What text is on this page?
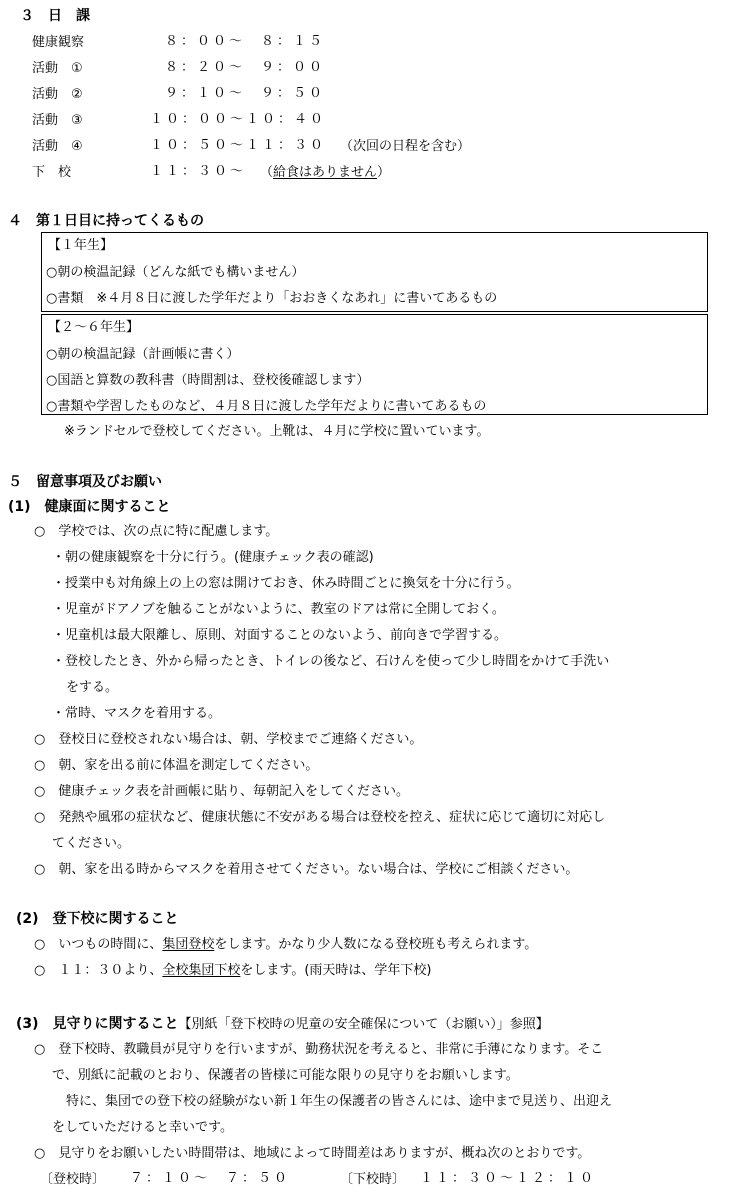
３　日　課
健康観察	８：００～　８：１５
活動　①	８：２０～　９：００
活動　②	９：１０～　９：５０
活動　③	１０：００～１０：４０
活動　④	１０：５０～１１：３０ （次回の日程を含む）
下　校	１１：３０～ （給食はありません）
４　第１日目に持ってくるもの
【１年生】
○朝の検温記録（どんな紙でも構いません）
○書類　※４月８日に渡した学年だより「おおきくなあれ」に書いてあるもの
【２～６年生】
○朝の検温記録（計画帳に書く）
○国語と算数の教科書（時間割は、登校後確認します）
○書類や学習したものなど、４月８日に渡した学年だよりに書いてあるもの
※ランドセルで登校してください。上靴は、４月に学校に置いています。
５　留意事項及びお願い
(1)　健康面に関すること
○　学校では、次の点に特に配慮します。
・朝の健康観察を十分に行う。(健康チェック表の確認)
・授業中も対角線上の上の窓は開けておき、休み時間ごとに換気を十分に行う。
・児童がドアノブを触ることがないように、教室のドアは常に全開しておく。
・児童机は最大限離し、原則、対面することのないよう、前向きで学習する。
・登校したとき、外から帰ったとき、トイレの後など、石けんを使って少し時間をかけて手洗い
をする。
・常時、マスクを着用する。
○　登校日に登校されない場合は、朝、学校までご連絡ください。
○　朝、家を出る前に体温を測定してください。
○　健康チェック表を計画帳に貼り、毎朝記入をしてください。
○　発熱や風邪の症状など、健康状態に不安がある場合は登校を控え、症状に応じて適切に対応し
てください。
○　朝、家を出る時からマスクを着用させてください。ない場合は、学校にご相談ください。
(2)　登下校に関すること
○　いつもの時間に、集団登校をします。かなり少人数になる登校班も考えられます。
○　１１：３０より、全校集団下校をします。(雨天時は、学年下校)
(3)　見守りに関すること【別紙「登下校時の児童の安全確保について（お願い）」参照】
○　登下校時、教職員が見守りを行いますが、勤務状況を考えると、非常に手薄になります。そこ
で、別紙に記載のとおり、保護者の皆様に可能な限りの見守りをお願いします。
特に、集団での登下校の経験がない新１年生の保護者の皆さんには、途中まで見送り、出迎え
をしていただけると幸いです。
○　見守りをお願いしたい時間帯は、地域によって時間差はありますが、概ね次のとおりです。
〔登校時〕 ７：１０～　７：５０	〔下校時〕 １１：３０～１２：１０
